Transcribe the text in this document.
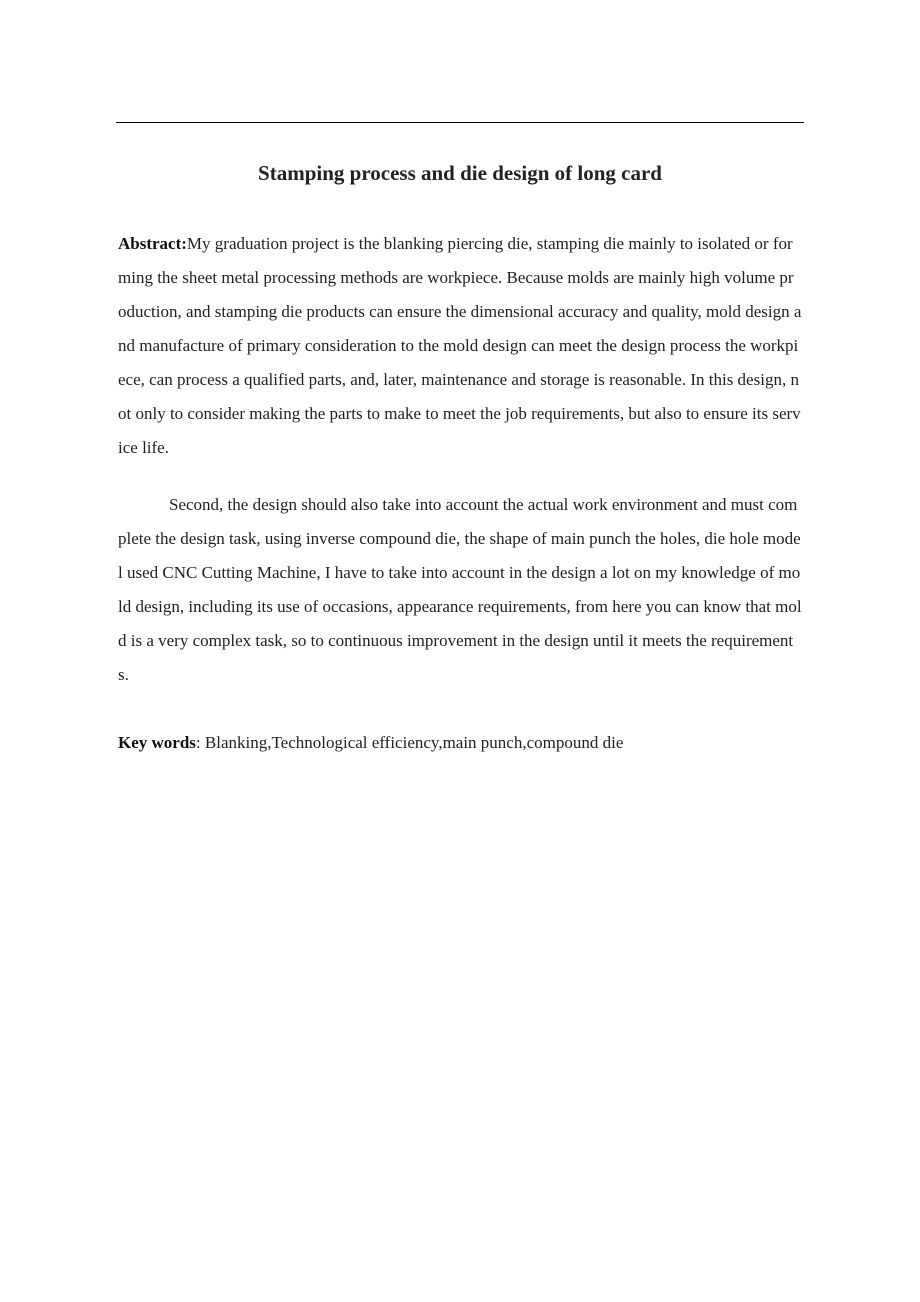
Stamping process and die design of long card

Abstract:My graduation project is the blanking piercing die, stamping die mainly to isolated or forming the sheet metal processing methods are workpiece. Because molds are mainly high volume production, and stamping die products can ensure the dimensional accuracy and quality, mold design and manufacture of primary consideration to the mold design can meet the design process the workpiece, can process a qualified parts, and, later, maintenance and storage is reasonable. In this design, not only to consider making the parts to make to meet the job requirements, but also to ensure its service life.

Second, the design should also take into account the actual work environment and must complete the design task, using inverse compound die, the shape of main punch the holes, die hole model used CNC Cutting Machine, I have to take into account in the design a lot on my knowledge of mold design, including its use of occasions, appearance requirements, from here you can know that mold is a very complex task, so to continuous improvement in the design until it meets the requirements.

Key words: Blanking,Technological efficiency,main punch,compound die
